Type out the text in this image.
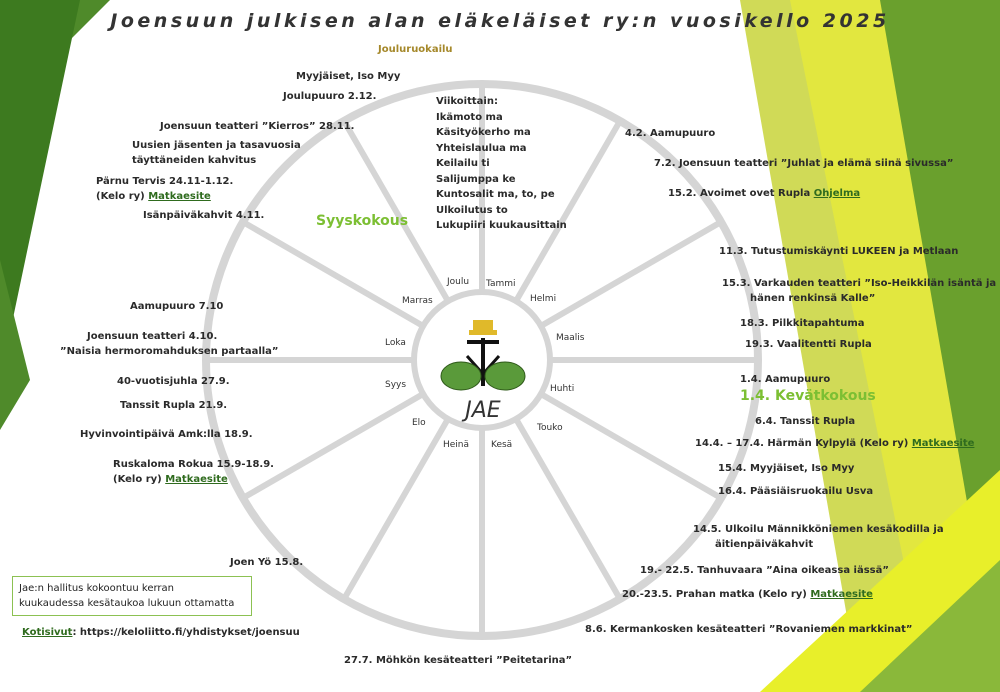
Joensuun julkisen alan eläkeläiset ry:n vuosikello 2025
Jouluruokailu
Viikoittain:
Ikämoto ma
Käsityökerho ma
Yhteislaulua ma
Keilailu ti
Salijumppa ke
Kuntosalit ma, to, pe
Ulkoilutus to
Lukupiiri kuukausittain
JAE
Joulu Tammi
Helmi
Maalis
Huhti
Touko
Kesä
Heinä
Elo
Syys
Loka
Marras
Syyskokous
1.4. Kevätkokous
Myyjäiset, Iso Myy
Joulupuuro 2.12.
Joensuun teatteri ”Kierros” 28.11.
Uusien jäsenten ja tasavuosia
täyttäneiden kahvitus
Pärnu Tervis 24.11-1.12.
(Kelo ry) Matkaesite
Isänpäiväkahvit 4.11.
Aamupuuro 7.10
Joensuun teatteri 4.10.
”Naisia hermoromahduksen partaalla”
40-vuotisjuhla 27.9.
Tanssit Rupla 21.9.
Hyvinvointipäivä Amk:lla 18.9.
Ruskaloma Rokua 15.9-18.9.
(Kelo ry) Matkaesite
Joen Yö 15.8.
27.7. Möhkön kesäteatteri ”Peitetarina”
4.2. Aamupuuro
7.2. Joensuun teatteri ”Juhlat ja elämä siinä sivussa”
15.2. Avoimet ovet Rupla Ohjelma
11.3. Tutustumiskäynti LUKEEN ja Metlaan
15.3. Varkauden teatteri ”Iso-Heikkilän isäntä ja
hänen renkinsä Kalle”
18.3. Pilkkitapahtuma
19.3. Vaalitentti Rupla
1.4. Aamupuuro
6.4. Tanssit Rupla
14.4. – 17.4. Härmän Kylpylä (Kelo ry) Matkaesite
15.4. Myyjäiset, Iso Myy
16.4. Pääsiäisruokailu Usva
14.5. Ulkoilu Männikköniemen kesäkodilla ja
äitienpäiväkahvit
19.- 22.5. Tanhuvaara ”Aina oikeassa iässä”
20.-23.5. Prahan matka (Kelo ry) Matkaesite
8.6. Kermankosken kesäteatteri ”Rovaniemen markkinat”
Jae:n hallitus kokoontuu kerran
kuukaudessa kesätaukoa lukuun ottamatta
Kotisivut: https://keloliitto.fi/yhdistykset/joensuu
